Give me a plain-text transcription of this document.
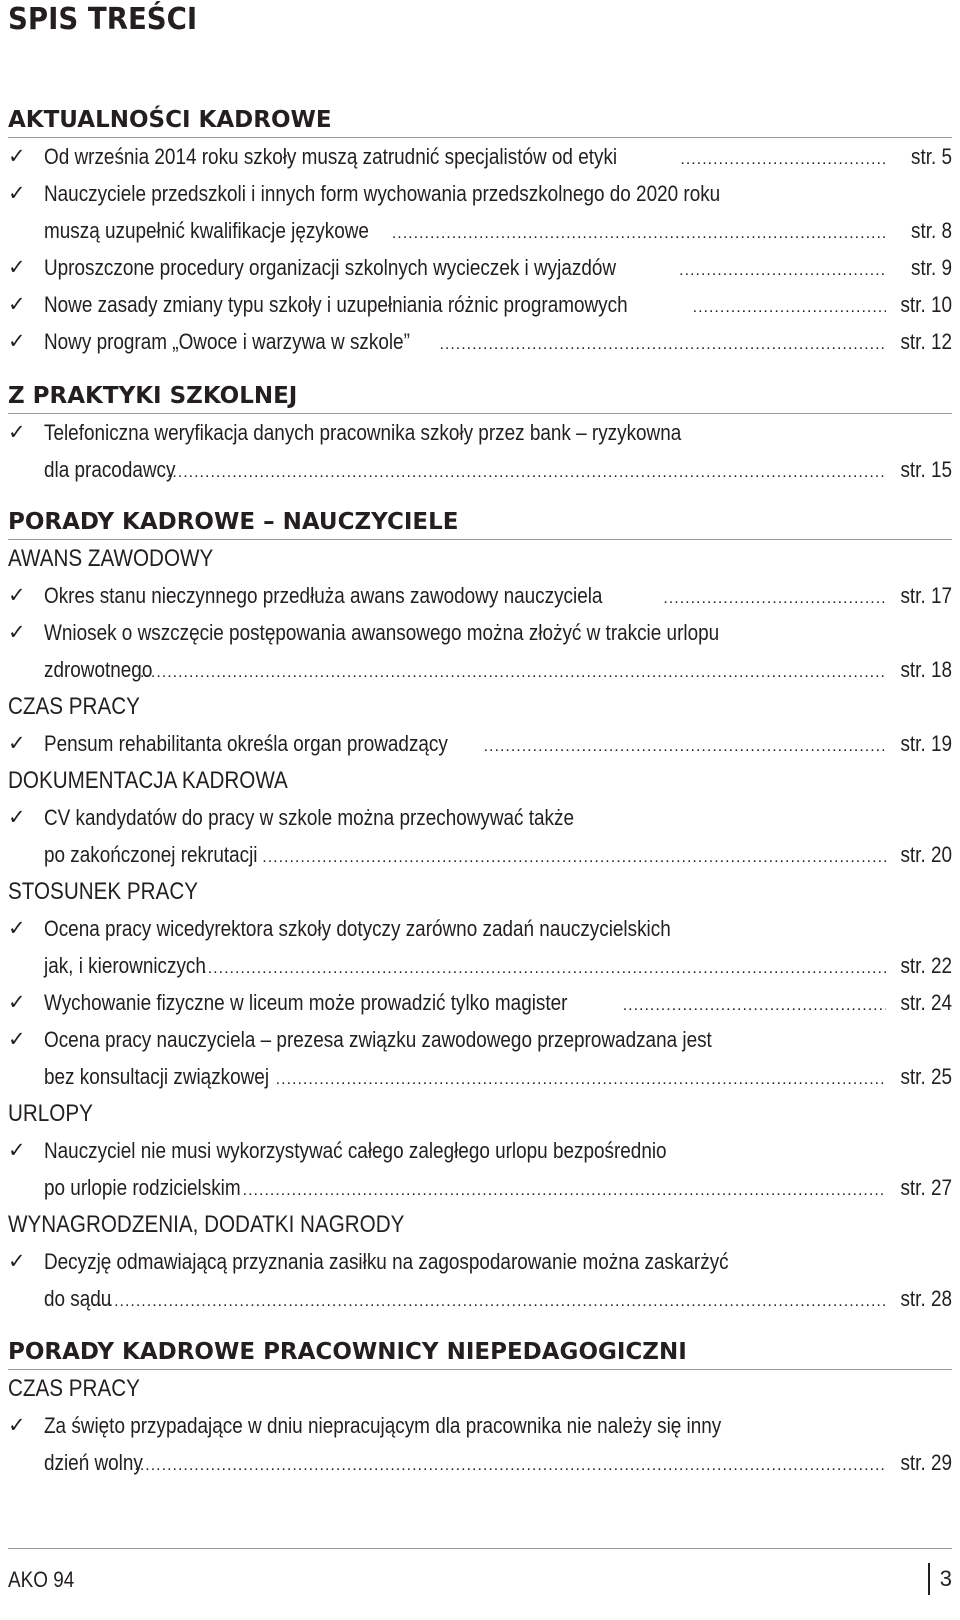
SPIS TREŚCI
AKTUALNOŚCI KADROWE
✓ Od września 2014 roku szkoły muszą zatrudnić specjalistów od etyki .....	str. 5
✓ Nauczyciele przedszkoli i innych form wychowania przedszkolnego do 2020 roku
muszą uzupełnić kwalifikacje językowe .....	str. 8
✓ Uproszczone procedury organizacji szkolnych wycieczek i wyjazdów .....	str. 9
✓ Nowe zasady zmiany typu szkoły i uzupełniania różnic programowych .....	str. 10
✓ Nowy program „Owoce i warzywa w szkole” .....	str. 12
Z PRAKTYKI SZKOLNEJ
✓ Telefoniczna weryfikacja danych pracownika szkoły przez bank – ryzykowna
dla pracodawcy .....	str. 15
PORADY KADROWE – NAUCZYCIELE
AWANS ZAWODOWY
✓ Okres stanu nieczynnego przedłuża awans zawodowy nauczyciela .....	str. 17
✓ Wniosek o wszczęcie postępowania awansowego można złożyć w trakcie urlopu
zdrowotnego .....	str. 18
CZAS PRACY
✓ Pensum rehabilitanta określa organ prowadzący .....	str. 19
DOKUMENTACJA KADROWA
✓ CV kandydatów do pracy w szkole można przechowywać także
po zakończonej rekrutacji .....	str. 20
STOSUNEK PRACY
✓ Ocena pracy wicedyrektora szkoły dotyczy zarówno zadań nauczycielskich
jak, i kierowniczych .....	str. 22
✓ Wychowanie fizyczne w liceum może prowadzić tylko magister .....	str. 24
✓ Ocena pracy nauczyciela – prezesa związku zawodowego przeprowadzana jest
bez konsultacji związkowej .....	str. 25
URLOPY
✓ Nauczyciel nie musi wykorzystywać całego zaległego urlopu bezpośrednio
po urlopie rodzicielskim .....	str. 27
WYNAGRODZENIA, DODATKI NAGRODY
✓ Decyzję odmawiającą przyznania zasiłku na zagospodarowanie można zaskarżyć
do sądu .....	str. 28
PORADY KADROWE PRACOWNICY NIEPEDAGOGICZNI
CZAS PRACY
✓ Za święto przypadające w dniu niepracującym dla pracownika nie należy się inny
dzień wolny .....	str. 29
AKO 94	3
